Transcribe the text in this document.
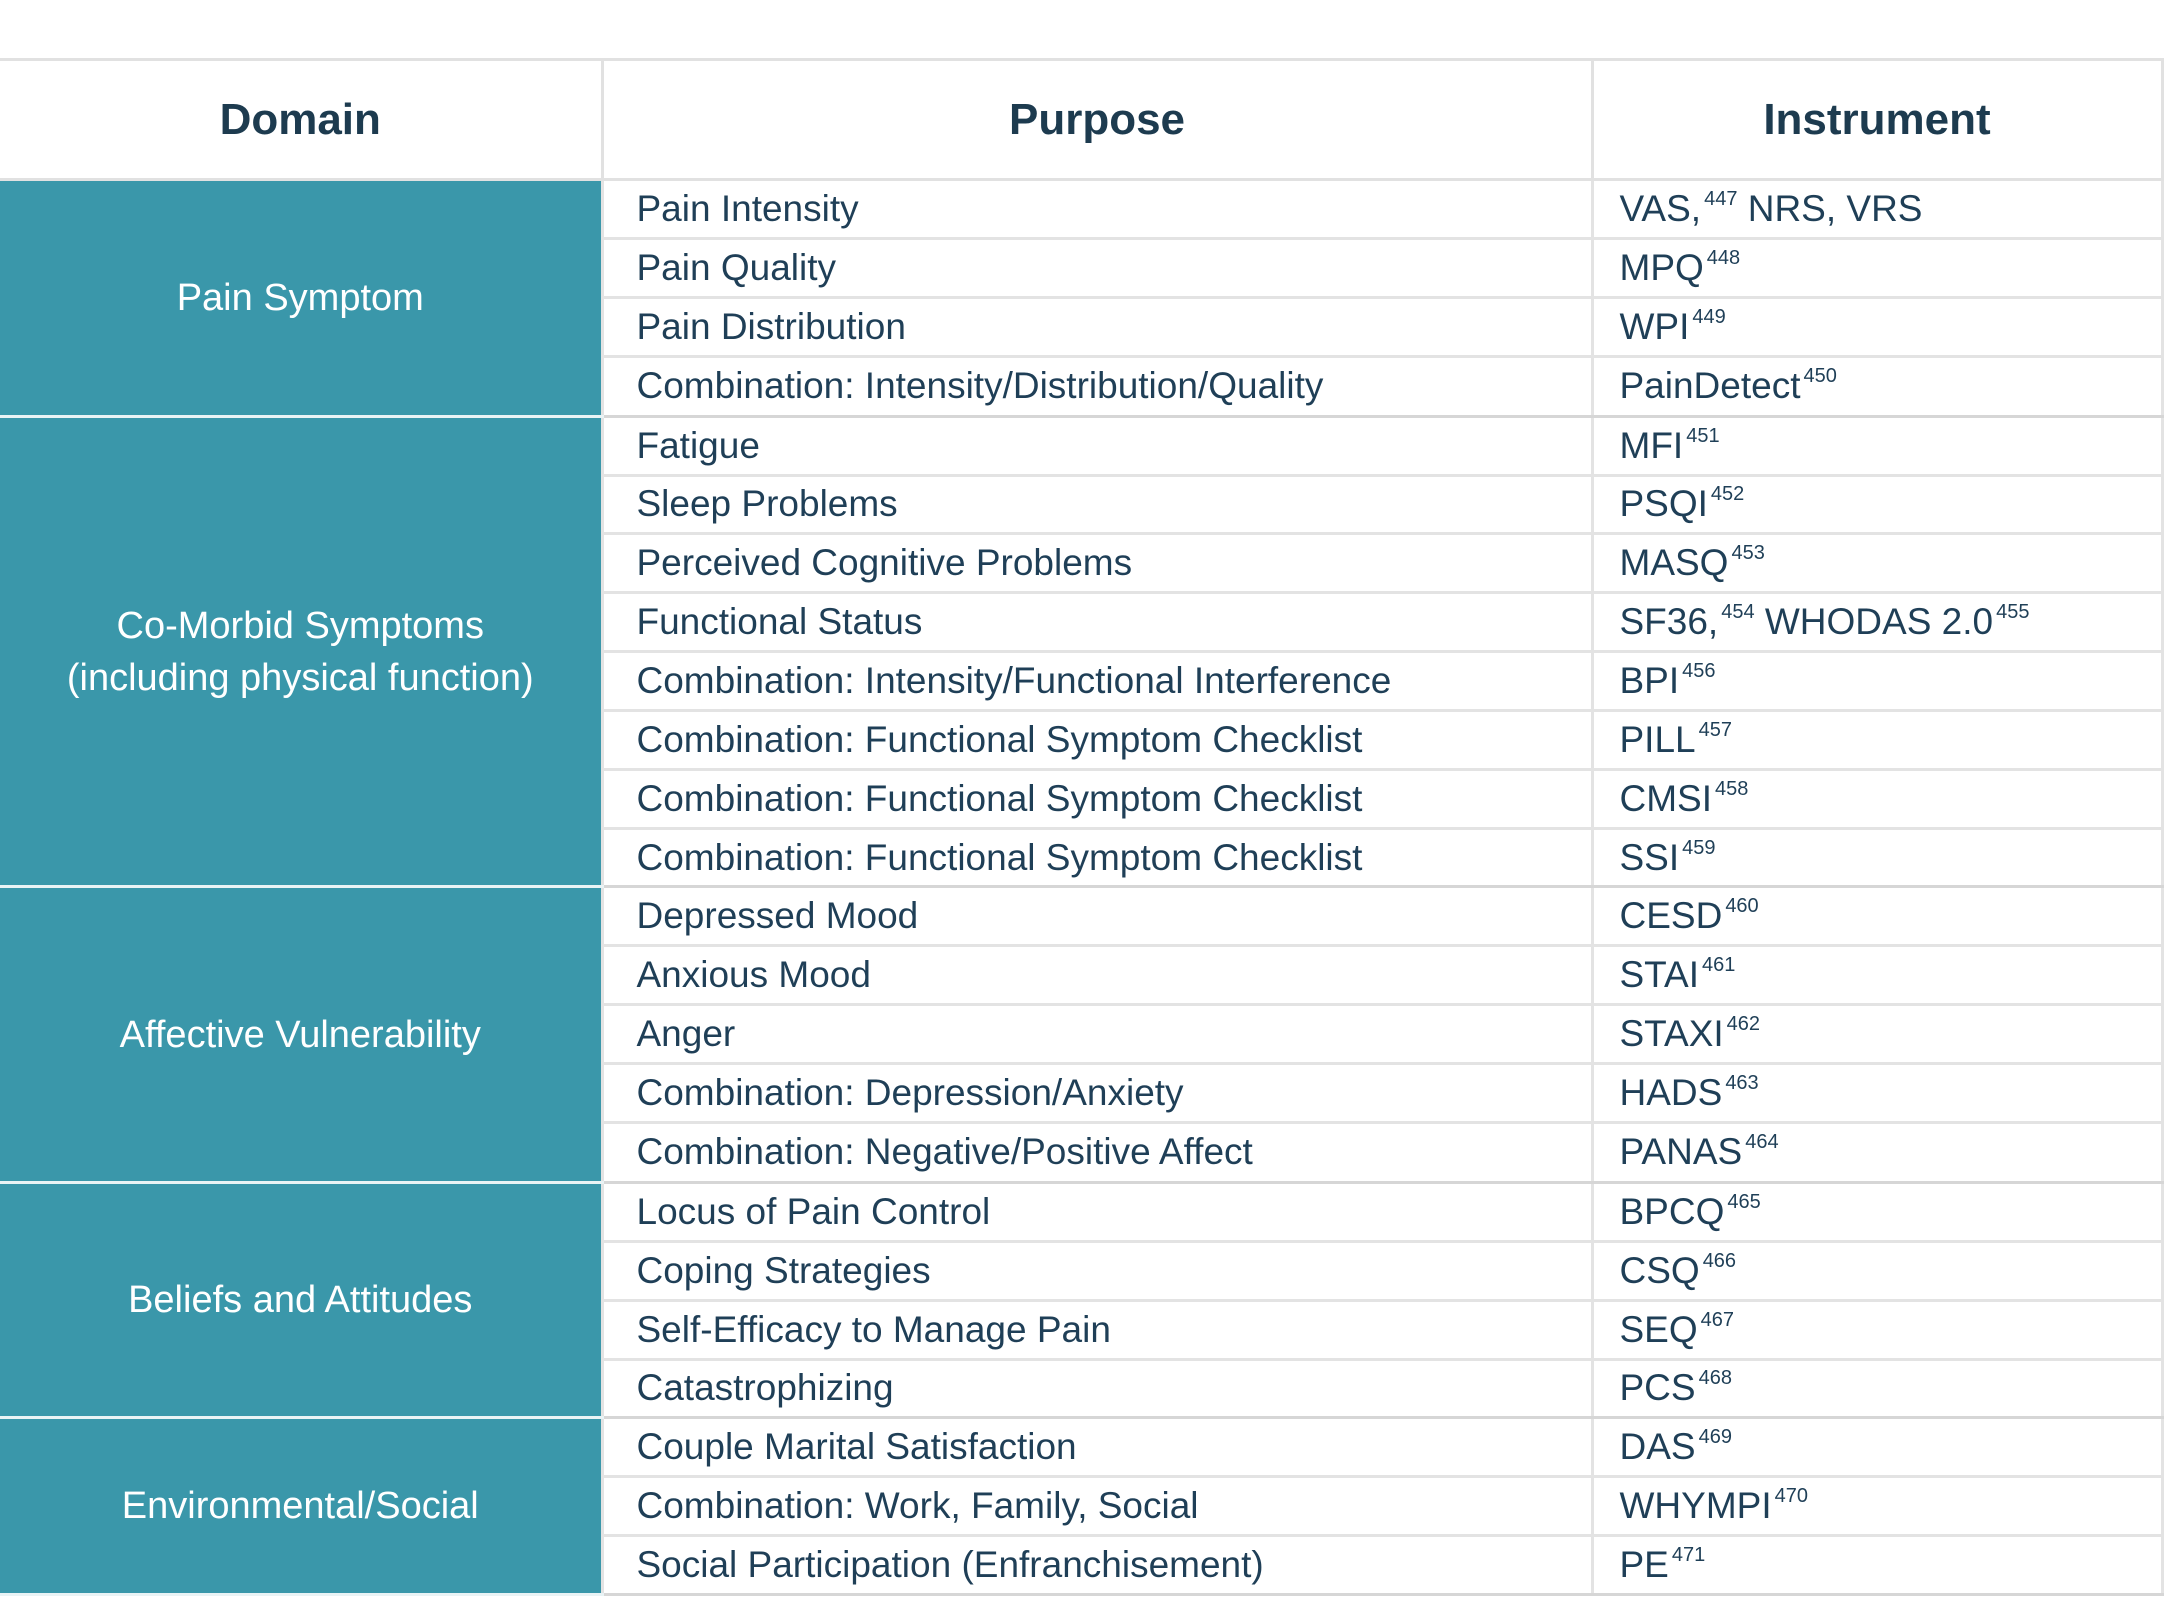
Domain	Purpose	Instrument

Pain Symptom	Pain Intensity	VAS, $^{447}$ NRS, VRS
	Pain Quality	MPQ $^{448}$
	Pain Distribution	WPI $^{449}$
	Combination: Intensity/Distribution/Quality	PainDetect $^{450}$

Co-Morbid Symptoms
(including physical function)	Fatigue	MFI $^{451}$
	Sleep Problems	PSQI $^{452}$
	Perceived Cognitive Problems	MASQ $^{453}$
	Functional Status	SF36, $^{454}$ WHODAS 2.0 $^{455}$
	Combination: Intensity/Functional Interference	BPI $^{456}$
	Combination: Functional Symptom Checklist	PILL $^{457}$
	Combination: Functional Symptom Checklist	CMSI $^{458}$
	Combination: Functional Symptom Checklist	SSI $^{459}$

Affective Vulnerability	Depressed Mood	CESD $^{460}$
	Anxious Mood	STAI $^{461}$
	Anger	STAXI $^{462}$
	Combination: Depression/Anxiety	HADS $^{463}$
	Combination: Negative/Positive Affect	PANAS $^{464}$

Beliefs and Attitudes	Locus of Pain Control	BPCQ $^{465}$
	Coping Strategies	CSQ $^{466}$
	Self-Efficacy to Manage Pain	SEQ $^{467}$
	Catastrophizing	PCS $^{468}$

Environmental/Social	Couple Marital Satisfaction	DAS $^{469}$
	Combination: Work, Family, Social	WHYMPI $^{470}$
	Social Participation (Enfranchisement)	PE $^{471}$
